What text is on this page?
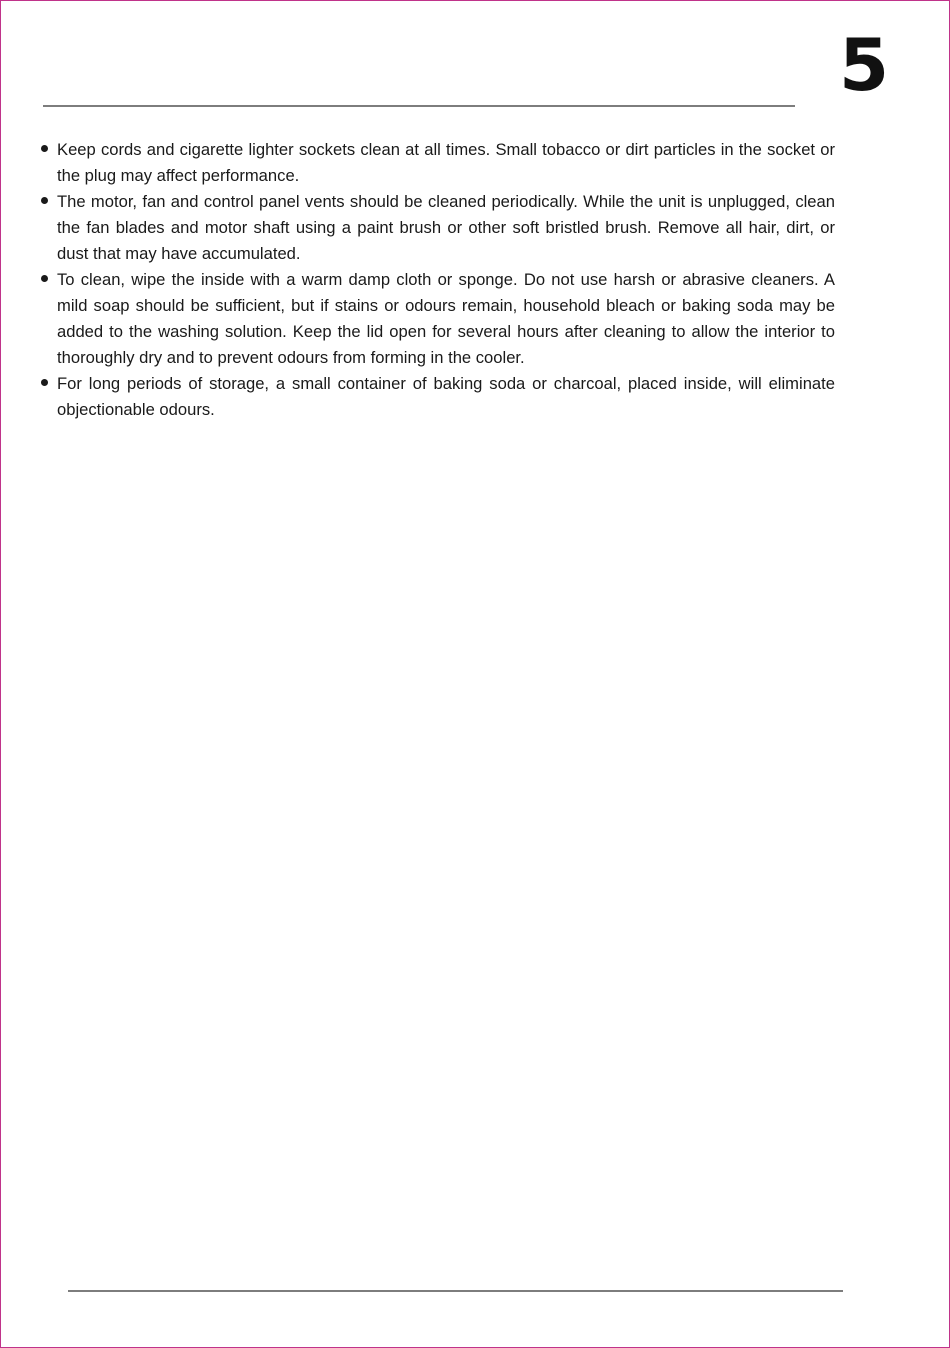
5
Keep cords and cigarette lighter sockets clean at all times. Small tobacco or dirt particles in the socket or the plug may affect performance.
The motor, fan and control panel vents should be cleaned periodically. While the unit is unplugged, clean the fan blades and motor shaft using a paint brush or other soft bristled brush. Remove all hair, dirt, or dust that may have accumulated.
To clean, wipe the inside with a warm damp cloth or sponge. Do not use harsh or abrasive cleaners. A mild soap should be sufficient, but if stains or odours remain, household bleach or baking soda may be added to the washing solution. Keep the lid open for several hours after cleaning to allow the interior to thoroughly dry and to prevent odours from forming in the cooler.
For long periods of storage, a small container of baking soda or charcoal, placed inside, will eliminate objectionable odours.
